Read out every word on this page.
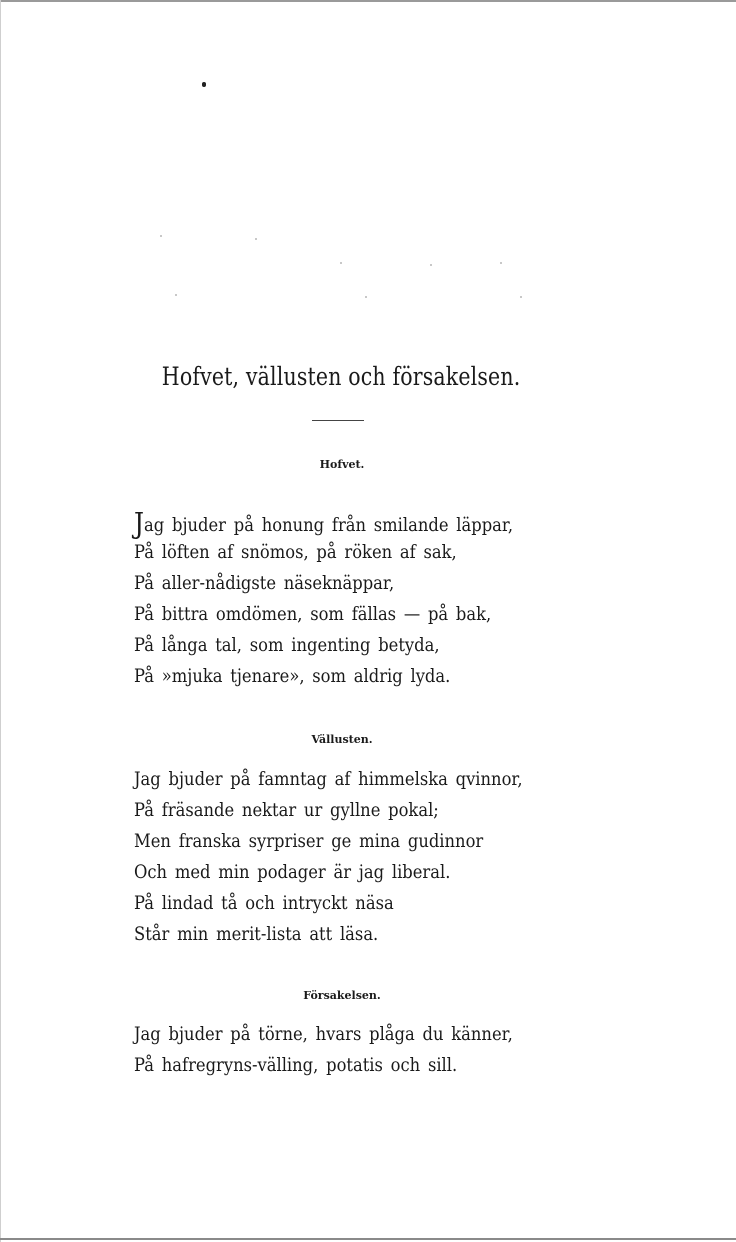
Hofvet, vällusten och försakelsen.
Hofvet.
Jag bjuder på honung från smilande läppar,
På löften af snömos, på röken af sak,
På aller-nådigste näseknäppar,
På bittra omdömen, som fällas — på bak,
På långa tal, som ingenting betyda,
På »mjuka tjenare», som aldrig lyda.
Vällusten.
Jag bjuder på famntag af himmelska qvinnor,
På fräsande nektar ur gyllne pokal;
Men franska syrpriser ge mina gudinnor
Och med min podager är jag liberal.
På lindad tå och intryckt näsa
Står min merit-lista att läsa.
Försakelsen.
Jag bjuder på törne, hvars plåga du känner,
På hafregryns-välling, potatis och sill.
